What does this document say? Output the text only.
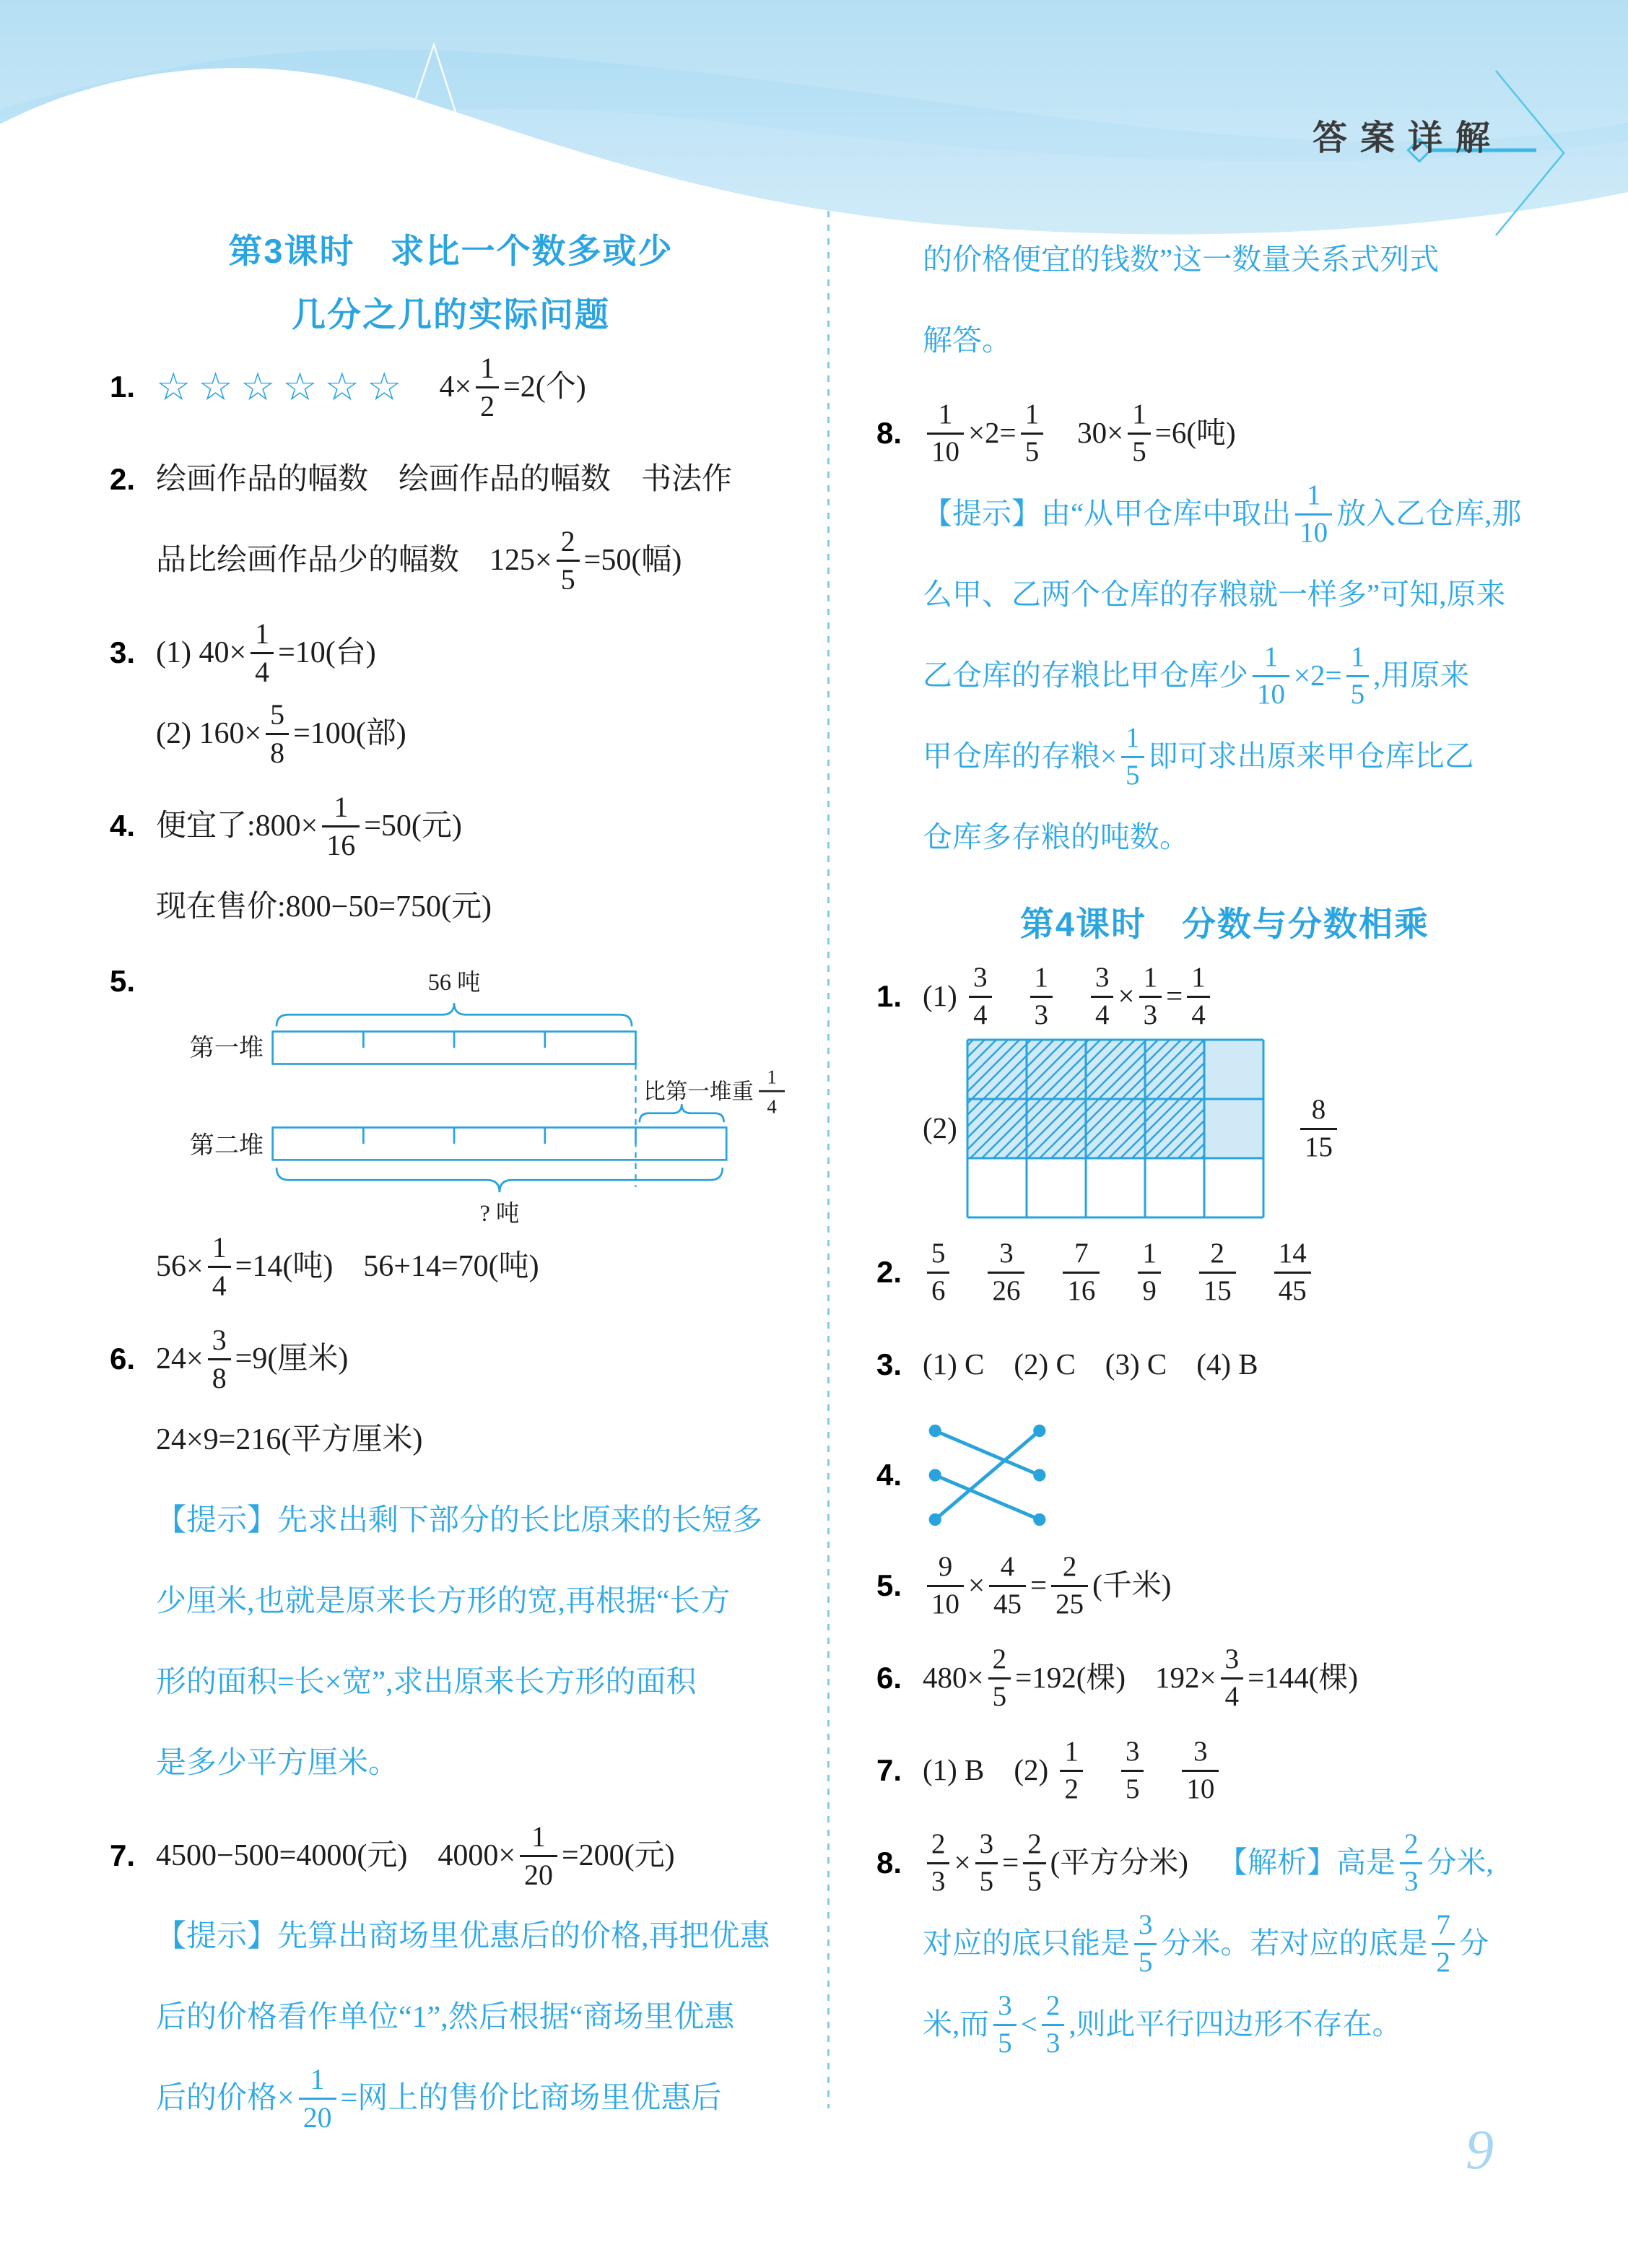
答案详解
第3课时　求比一个数多或少
几分之几的实际问题
1. ☆☆☆☆☆☆ 　$4\times \frac{1}{2} =2$(个)
2. 绘画作品的幅数　绘画作品的幅数　书法作
品比绘画作品少的幅数　$125\times \frac{2}{5} =50$(幅)
3. (1) $40\times \frac{1}{4} =10$(台)
(2) $160\times \frac{5}{8} =100$(部)
4. 便宜了:800× $\frac{1}{16} =50$(元)
现在售价:800−50=750(元)
5.
第一堆
第二堆
56 吨
比第一堆重
1
4
? 吨
$56\times \frac{1}{4} =14$(吨)　56+14=70(吨)
6. $24\times \frac{3}{8} =9$(厘米)
24×9=216(平方厘米)
【提示】先求出剩下部分的长比原来的长短多
少厘米,也就是原来长方形的宽,再根据“长方
形的面积=长×宽”,求出原来长方形的面积
是多少平方厘米。
7. 4500−500=4000(元)　$4000\times \frac{1}{20} =200$(元)
【提示】先算出商场里优惠后的价格,再把优惠
后的价格看作单位“1”,然后根据“商场里优惠
后的价格× $\frac{1}{20}$ =网上的售价比商场里优惠后
的价格便宜的钱数”这一数量关系式列式
解答。
8. $\frac{1}{10} \times 2= \frac{1}{5}$ 　$30\times \frac{1}{5} =6$(吨)
【提示】由“从甲仓库中取出
1
10
放入乙仓库,那
么甲、乙两个仓库的存粮就一样多”可知,原来
乙仓库的存粮比甲仓库少 $\frac{1}{10} \times 2= \frac{1}{5}$ ,用原来
甲仓库的存粮× $\frac{1}{5}$ 即可求出原来甲仓库比乙
仓库多存粮的吨数。
第4课时　分数与分数相乘
1. (1)
3
4

1
3
　 $\frac{3}{4} \times \frac{1}{3} = \frac{1}{4}$
(2)

8
15
2.
5
6

3
26

7
16

1
9

2
15

14
45
3. (1) C　(2) C　(3) C　(4) B
4.
5. $\frac{9}{10} \times \frac{4}{45} = \frac{2}{25}$ (千米)
6. $480\times \frac{2}{5} =192$(棵)　$192\times \frac{3}{4} =144$(棵)
7. (1) B　(2)
1
2

3
5

3
10
8. $\frac{2}{3} \times \frac{3}{5} = \frac{2}{5}$ (平方分米)　 【解析】高是
2
3
分米,
对应的底只能是
3
5
分米。若对应的底是
7
2
分
米,而
3
5
<
2
3
,则此平行四边形不存在。
9
